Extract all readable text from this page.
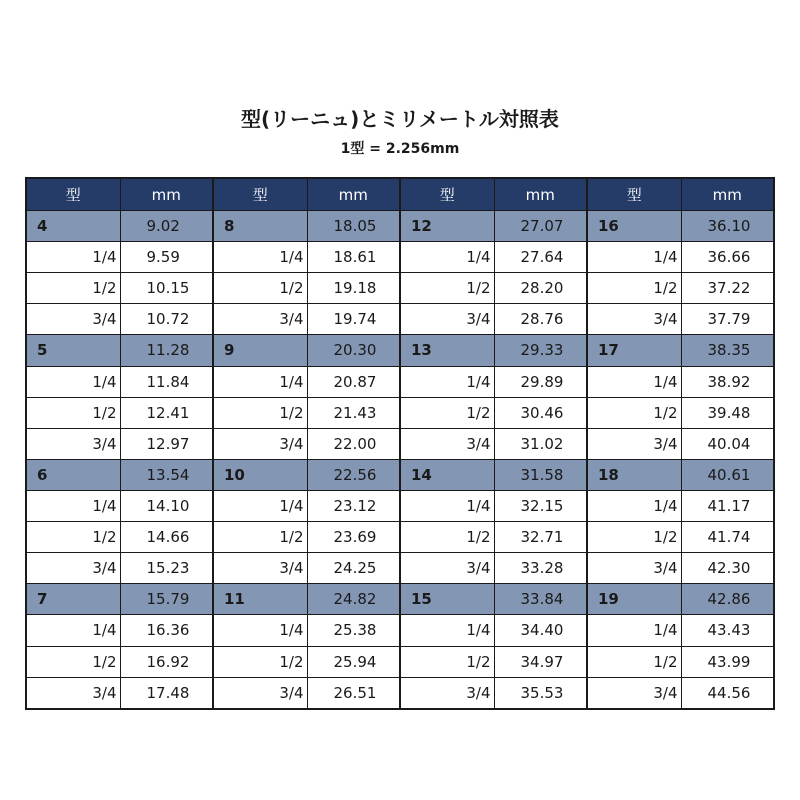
型(リーニュ)とミリメートル対照表
1型 = 2.256mm
型	mm	型	mm	型	mm	型	mm
4	9.02	8	18.05	12	27.07	16	36.10
1/4	9.59	1/4	18.61	1/4	27.64	1/4	36.66
1/2	10.15	1/2	19.18	1/2	28.20	1/2	37.22
3/4	10.72	3/4	19.74	3/4	28.76	3/4	37.79
5	11.28	9	20.30	13	29.33	17	38.35
1/4	11.84	1/4	20.87	1/4	29.89	1/4	38.92
1/2	12.41	1/2	21.43	1/2	30.46	1/2	39.48
3/4	12.97	3/4	22.00	3/4	31.02	3/4	40.04
6	13.54	10	22.56	14	31.58	18	40.61
1/4	14.10	1/4	23.12	1/4	32.15	1/4	41.17
1/2	14.66	1/2	23.69	1/2	32.71	1/2	41.74
3/4	15.23	3/4	24.25	3/4	33.28	3/4	42.30
7	15.79	11	24.82	15	33.84	19	42.86
1/4	16.36	1/4	25.38	1/4	34.40	1/4	43.43
1/2	16.92	1/2	25.94	1/2	34.97	1/2	43.99
3/4	17.48	3/4	26.51	3/4	35.53	3/4	44.56
